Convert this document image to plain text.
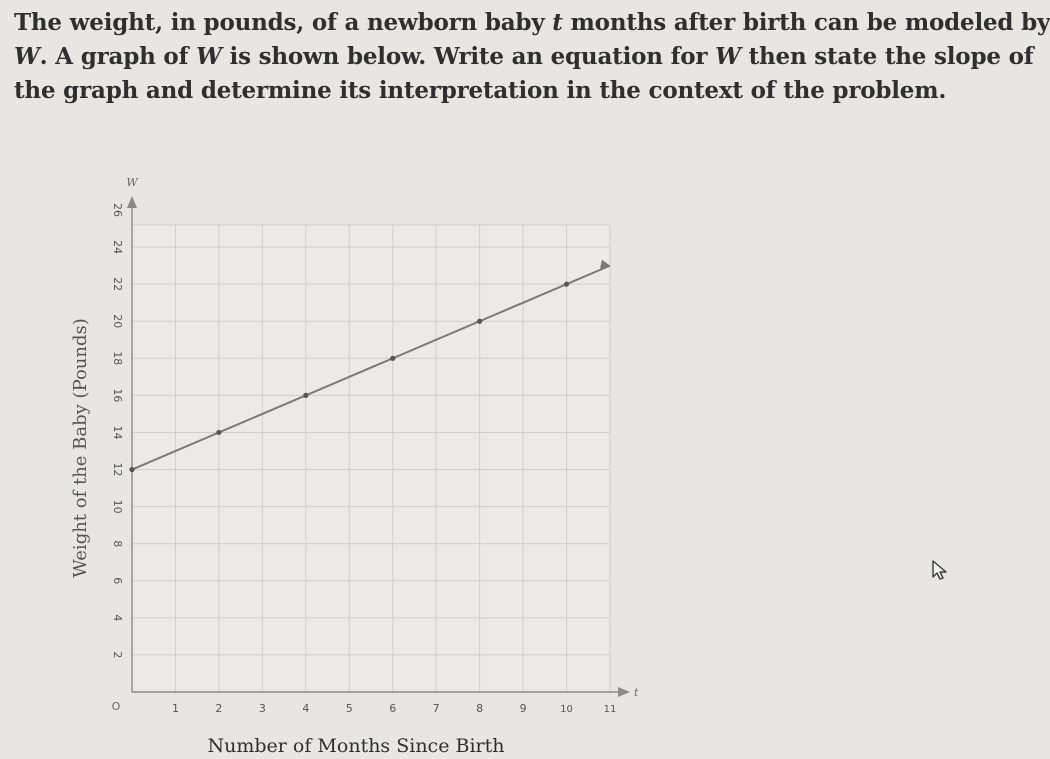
The weight, in pounds, of a newborn baby t months after birth can be modeled by
W. A graph of W is shown below. Write an equation for W then state the slope of
the graph and determine its interpretation in the context of the problem.

W
t
O	1	2	3	4	5	6	7	8	9	10	11
2
4
6
8
10
12
14
16
18
20
22
24
26
Number of Months Since Birth
Weight of the Baby (Pounds)
